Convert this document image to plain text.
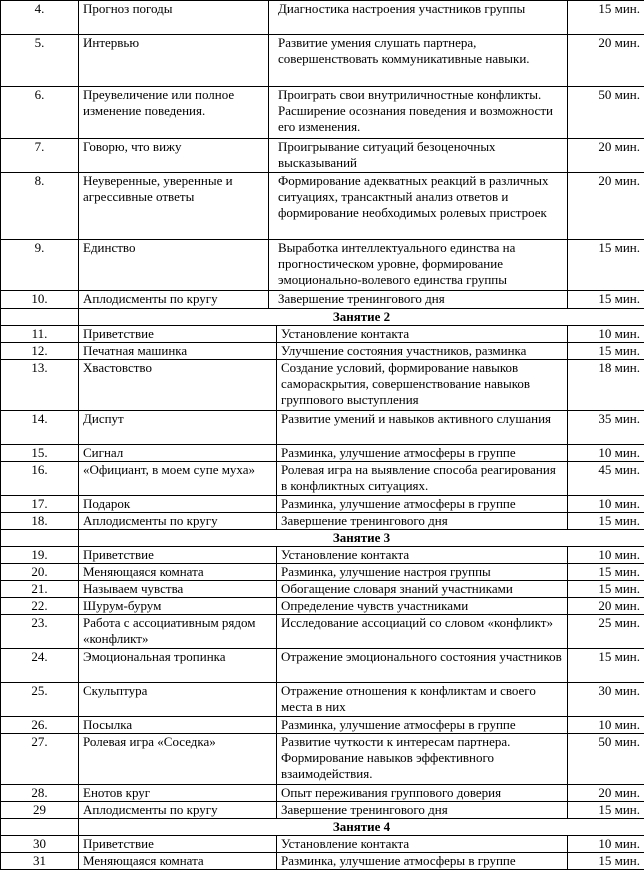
4.	Прогноз погоды	Диагностика настроения участников группы		15 мин.
5.	Интервью	Развитие умения слушать партнера, совершенствовать коммуникативные навыки.		20 мин.
6.	Преувеличение или полное изменение поведения.	Проиграть свои внутриличностные конфликты. Расширение осознания поведения и возможности его изменения.		50 мин.
7.	Говорю, что вижу	Проигрывание ситуаций безоценочных высказываний		20 мин.
8.	Неуверенные, уверенные и агрессивные ответы	Формирование адекватных реакций в различных ситуациях, трансактный анализ ответов и формирование необходимых ролевых пристроек		20 мин.
9.	Единство	Выработка интеллектуального единства на прогностическом уровне, формирование эмоционально-волевого единства группы		15 мин.
10.	Аплодисменты по кругу	Завершение тренингового дня		15 мин.
	Занятие 2			
11.	Приветствие		Установление контакта	10 мин.
12.	Печатная машинка		Улучшение состояния участников, разминка	15 мин.
13.	Хвастовство		Создание условий, формирование навыков самораскрытия, совершенствование навыков группового выступления	18 мин.
14.	Диспут		Развитие умений и навыков активного слушания	35 мин.
15.	Сигнал		Разминка, улучшение атмосферы в группе	10 мин.
16.	«Официант, в моем супе муха»		Ролевая игра на выявление способа реагирования в конфликтных ситуациях.	45 мин.
17.	Подарок		Разминка, улучшение атмосферы в группе	10 мин.
18.	Аплодисменты по кругу		Завершение тренингового дня	15 мин.
	Занятие 3			
19.	Приветствие		Установление контакта	10 мин.
20.	Меняющаяся комната		Разминка, улучшение настроя группы	15 мин.
21.	Называем чувства		Обогащение словаря знаний участниками	15 мин.
22.	Шурум-бурум		Определение чувств участниками	20 мин.
23.	Работа с ассоциативным рядом «конфликт»		Исследование ассоциаций со словом «конфликт»	25 мин.
24.	Эмоциональная тропинка		Отражение эмоционального состояния участников	15 мин.
25.	Скульптура		Отражение отношения к конфликтам и своего места в них	30 мин.
26.	Посылка		Разминка, улучшение атмосферы в группе	10 мин.
27.	Ролевая игра «Соседка»		Развитие чуткости к интересам партнера. Формирование навыков эффективного взаимодействия.	50 мин.
28.	Енотов круг		Опыт переживания группового доверия	20 мин.
29	Аплодисменты по кругу		Завершение тренингового дня	15 мин.
	Занятие 4			
30	Приветствие		Установление контакта	10 мин.
31	Меняющаяся комната		Разминка, улучшение атмосферы в группе	15 мин.
